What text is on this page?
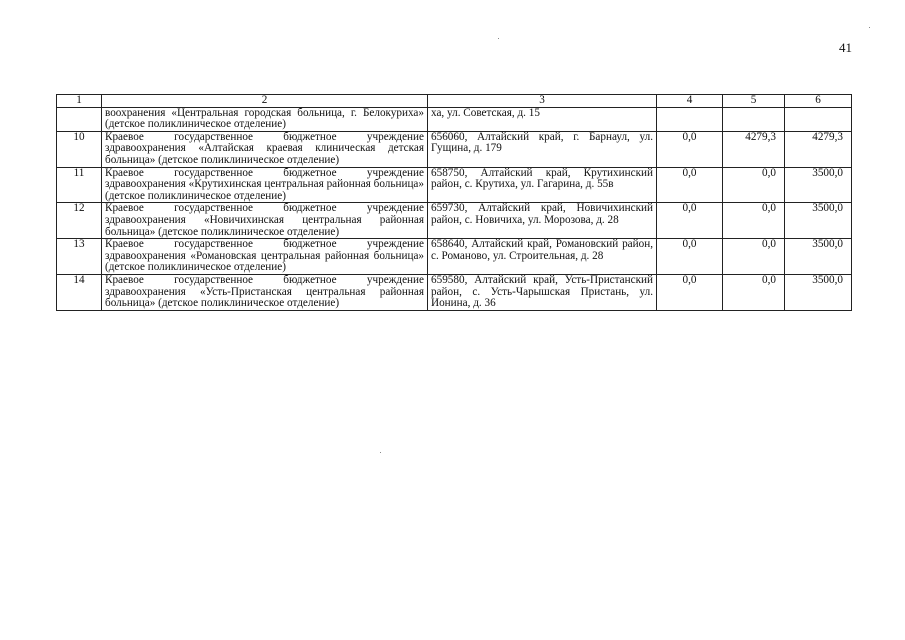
41
1	2	3	4	5	6
	воохранения «Центральная городская больница, г. Белокуриха» (детское поликлиническое отделение)	ха, ул. Советская, д. 15			
10	Краевое государственное бюджетное учреждение здравоохранения «Алтайская краевая клиническая детская больница» (детское поликлиническое отделение)	656060, Алтайский край, г. Барнаул, ул. Гущина, д. 179	0,0	4279,3	4279,3
11	Краевое государственное бюджетное учреждение здравоохранения «Крутихинская центральная районная больница» (детское поликлиническое отделение)	658750, Алтайский край, Крутихинский район, с. Крутиха, ул. Гагарина, д. 55в	0,0	0,0	3500,0
12	Краевое государственное бюджетное учреждение здравоохранения «Новичихинская центральная районная больница» (детское поликлиническое отделение)	659730, Алтайский край, Новичихинский район, с. Новичиха, ул. Морозова, д. 28	0,0	0,0	3500,0
13	Краевое государственное бюджетное учреждение здравоохранения «Романовская центральная районная больница» (детское поликлиническое отделение)	658640, Алтайский край, Романовский район, с. Романово, ул. Строительная, д. 28	0,0	0,0	3500,0
14	Краевое государственное бюджетное учреждение здравоохранения «Усть-Пристанская центральная районная больница» (детское поликлиническое отделение)	659580, Алтайский край, Усть-Пристанский район, с. Усть-Чарышская Пристань, ул. Ионина, д. 36	0,0	0,0	3500,0
